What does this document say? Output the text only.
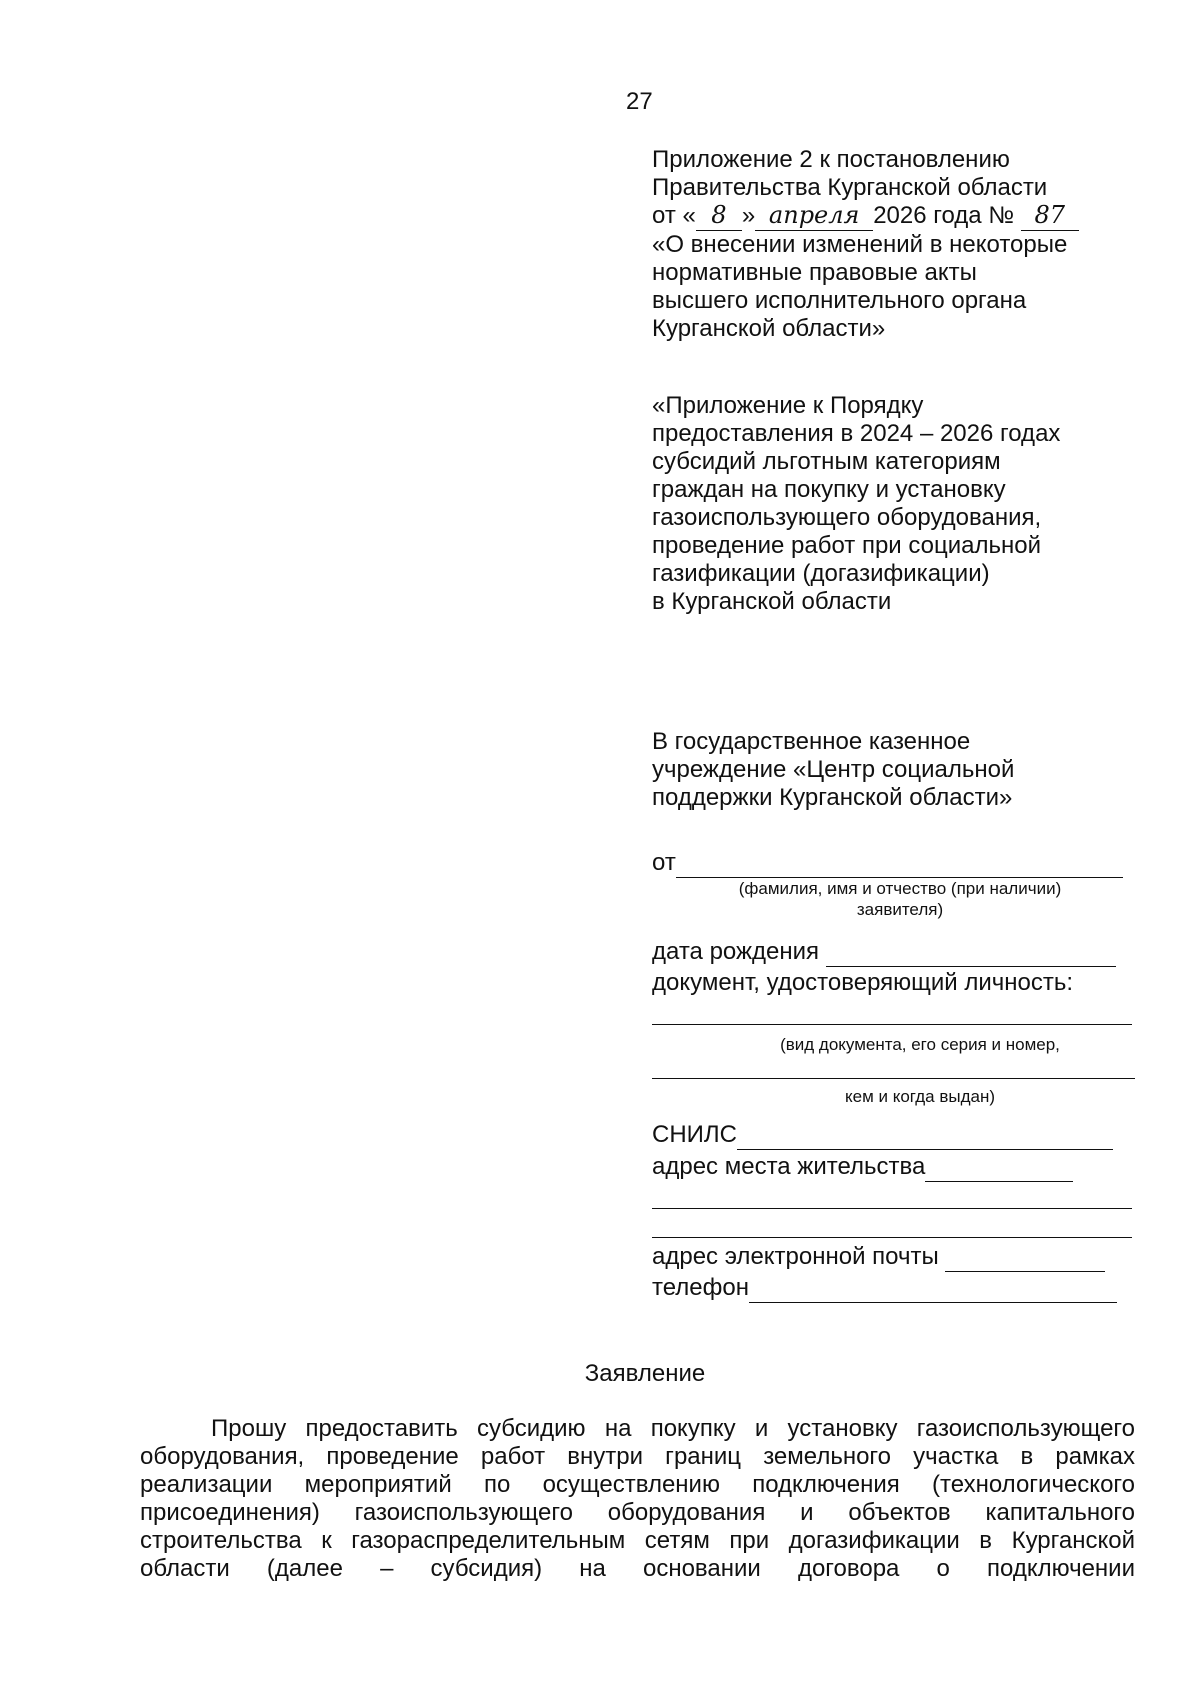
27
Приложение 2 к постановлению
Правительства Курганской области
от « 8 » апреля 2026 года № 87
«О внесении изменений в некоторые
нормативные правовые акты
высшего исполнительного органа
Курганской области»
«Приложение к Порядку
предоставления в 2024 – 2026 годах
субсидий льготным категориям
граждан на покупку и установку
газоиспользующего оборудования,
проведение работ при социальной
газификации (догазификации)
в Курганской области
В государственное казенное
учреждение «Центр социальной
поддержки Курганской области»
от
(фамилия, имя и отчество (при наличии)
заявителя)
дата рождения
документ, удостоверяющий личность:
(вид документа, его серия и номер,
кем и когда выдан)
СНИЛС
адрес места жительства
адрес электронной почты
телефон
Заявление
Прошу предоставить субсидию на покупку и установку газоиспользующего
оборудования, проведение работ внутри границ земельного участка в рамках
реализации мероприятий по осуществлению подключения (технологического
присоединения) газоиспользующего оборудования и объектов капитального
строительства к газораспределительным сетям при догазификации в Курганской
области (далее – субсидия) на основании договора о подключении
